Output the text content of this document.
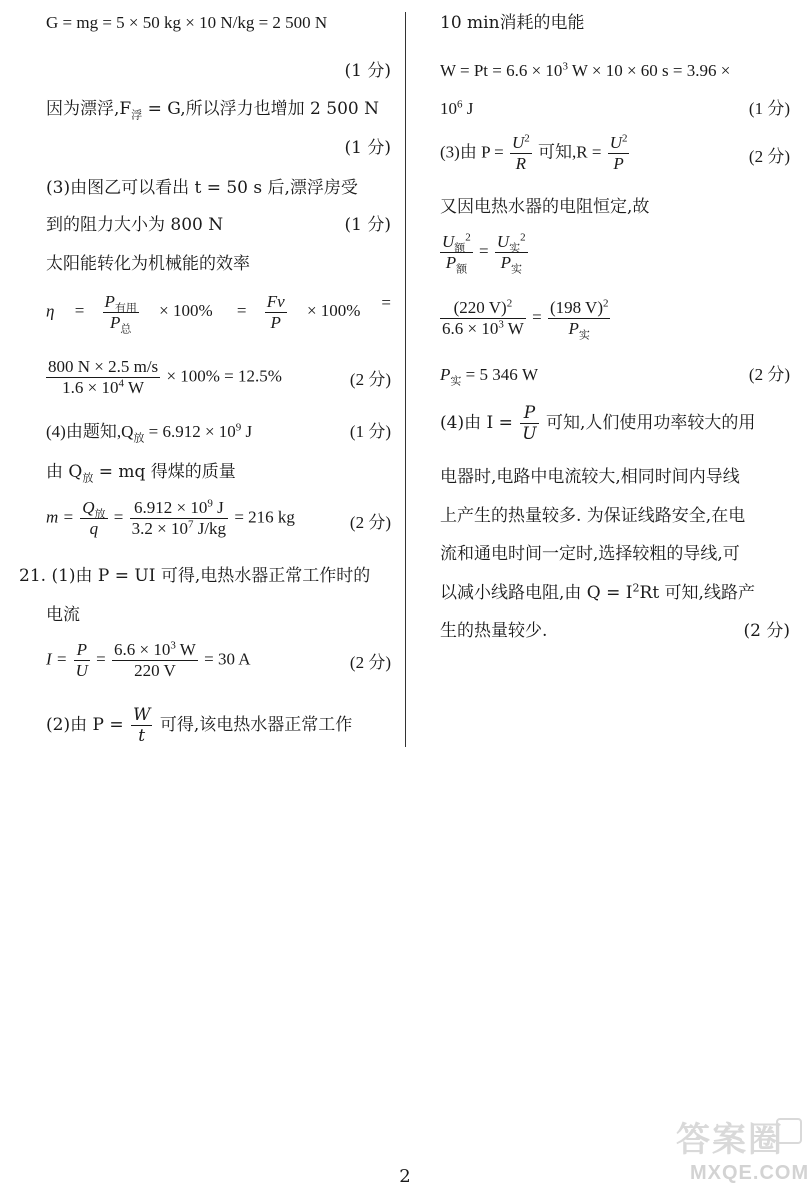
G = mg = 5 × 50 kg × 10 N/kg = 2 500 N
(1 分)
因为漂浮$,F_浮 = G$,所以浮力也增加 2 500 N
(1 分)
(3)由图乙可以看出 t = 50 s 后,漂浮房受
到的阻力大小为 800 N	(1 分)
太阳能转化为机械能的效率
$\eta = \frac{P_{有用}}{P_总} \times 100\% = \frac{Fv}{P} \times 100\%$ =
$\frac{800 N \times 2.5 m/s}{1.6 \times 10^4 W} \times 100\% = 12.5\%$	(2 分)
(4)由题知$,Q_放 = 6.912 \times 10^9$ J	(1 分)
由 $Q_放$ = mq 得煤的质量
$m = \frac{Q_放}{q} = \frac{6.912 \times 10^9 J}{3.2 \times 10^7 J/kg} = 216$ kg	(2 分)
21. (1)由 P = UI 可得,电热水器正常工作时的
电流
$I = \frac{P}{U} = \frac{6.6 \times 10^3 W}{220 V} = 30$ A	(2 分)
(2)由 $P = \frac{W}{t}$ 可得,该电热水器正常工作
10 min消耗的电能
$W = Pt = 6.6 \times 10^3$ W × 10 × 60 s = 3.96 ×
$10^6$ J	(1 分)
(3)由 $P = \frac{U^2}{R}$ 可知$,R = \frac{U^2}{P}$	(2 分)
又因电热水器的电阻恒定,故
$\frac{U_额^2}{P_额} = \frac{U_实^2}{P_实}$
$\frac{(220 V)^2}{6.6 \times 10^3 W} = \frac{(198 V)^2}{P_实}$
$P_实 = 5$ 346 W	(2 分)
(4)由 $I = \frac{P}{U}$ 可知,人们使用功率较大的用
电器时,电路中电流较大,相同时间内导线
上产生的热量较多. 为保证线路安全,在电
流和通电时间一定时,选择较粗的导线,可
以减小线路电阻,由 $Q = I^2Rt$ 可知,线路产
生的热量较少.	(2 分)
2
答案圈
MXQE.COM
